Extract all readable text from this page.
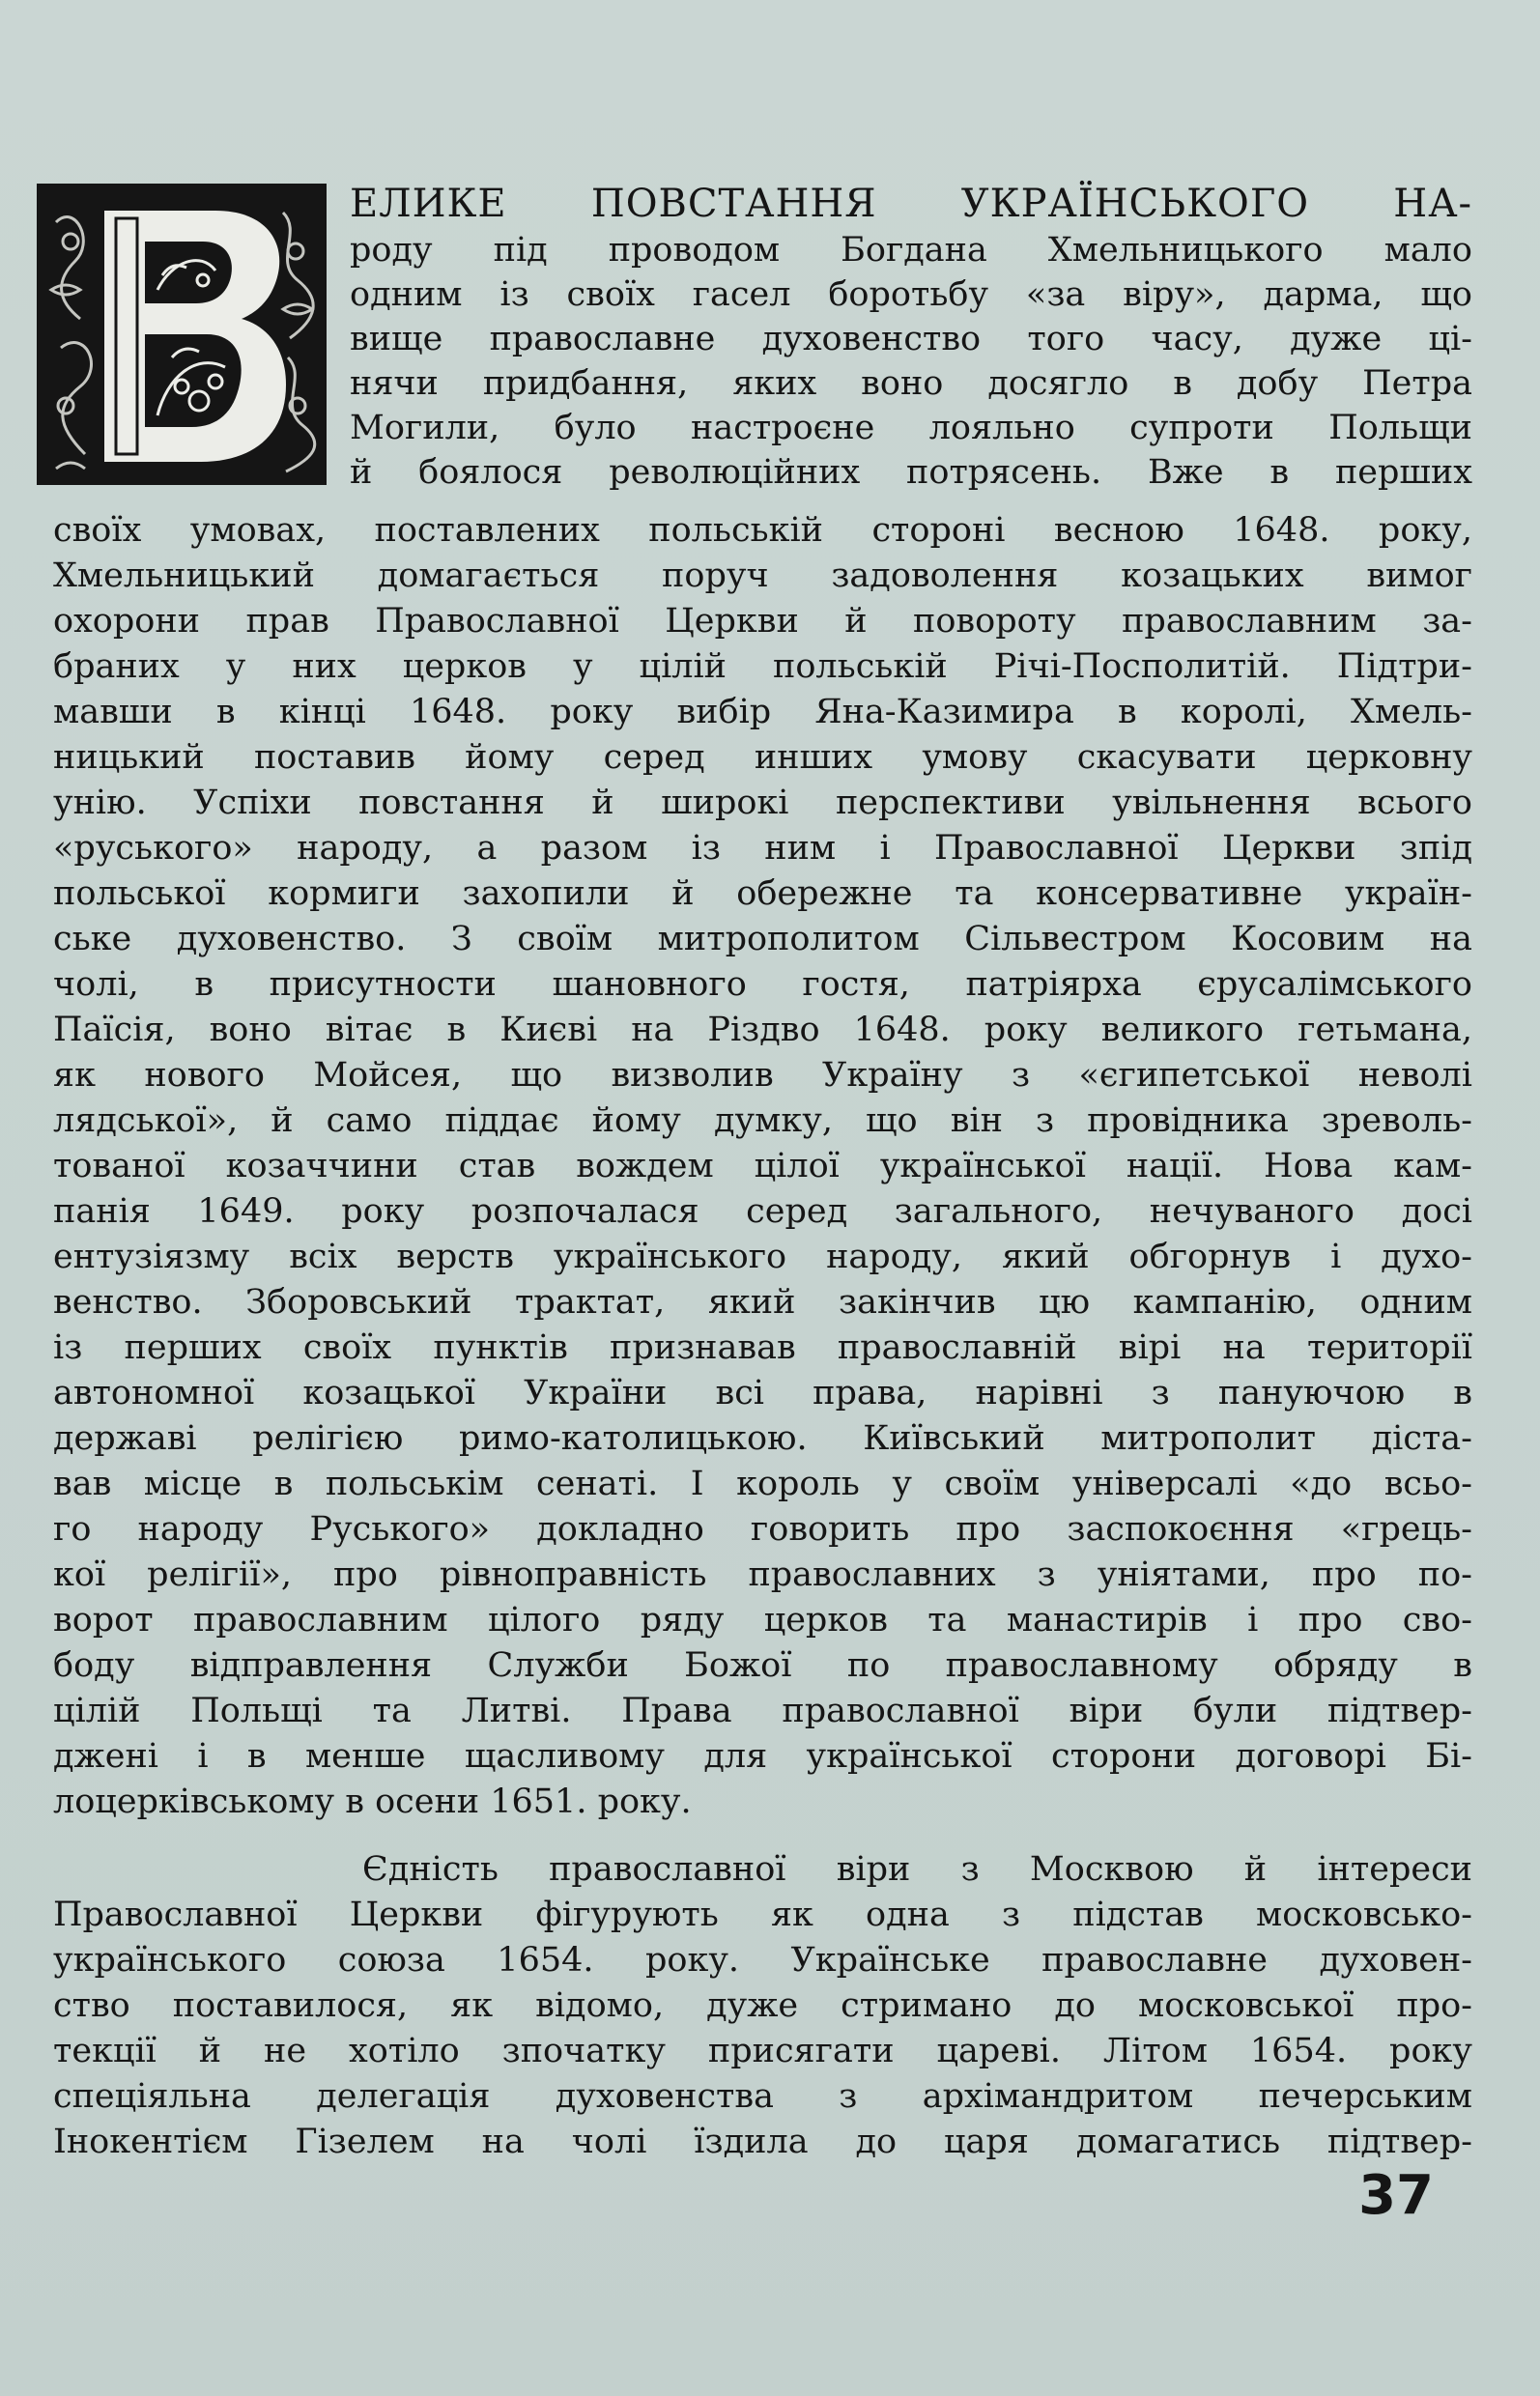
ЕЛИКЕ ПОВСТАННЯ УКРАЇНСЬКОГО НА-
роду під проводом Богдана Хмельницького мало
одним із своїх гасел боротьбу «за віру», дарма, що
вище православне духовенство того часу, дуже ці-
нячи придбання, яких воно досягло в добу Петра
Могили, було настроєне лояльно супроти Польщи
й боялося революційних потрясень. Вже в перших
своїх умовах, поставлених польській стороні весною 1648. року,
Хмельницький домагається поруч задоволення козацьких вимог
охорони прав Православної Церкви й повороту православним за-
браних у них церков у цілій польській Річі-Посполитій. Підтри-
мавши в кінці 1648. року вибір Яна-Казимира в королі, Хмель-
ницький поставив йому серед инших умову скасувати церковну
унію. Успіхи повстання й широкі перспективи увільнення всього
«руського» народу, а разом із ним і Православної Церкви зпід
польської кормиги захопили й обережне та консервативне україн-
ське духовенство. З своїм митрополитом Сільвестром Косовим на
чолі, в присутности шановного гостя, патріярха єрусалімського
Паїсія, воно вітає в Києві на Різдво 1648. року великого гетьмана,
як нового Мойсея, що визволив Україну з «єгипетської неволі
лядської», й само піддає йому думку, що він з провідника зреволь-
тованої козаччини став вождем цілої української нації. Нова кам-
панія 1649. року розпочалася серед загального, нечуваного досі
ентузіязму всіх верств українського народу, який обгорнув і духо-
венство. Зборовський трактат, який закінчив цю кампанію, одним
із перших своїх пунктів признавав православній вірі на території
автономної козацької України всі права, нарівні з пануючою в
державі релігією римо-католицькою. Київський митрополит діста-
вав місце в польськім сенаті. І король у своїм універсалі «до всьо-
го народу Руського» докладно говорить про заспокоєння «грець-
кої релігії», про рівноправність православних з уніятами, про по-
ворот православним цілого ряду церков та манастирів і про сво-
боду відправлення Служби Божої по православному обряду в
цілій Польщі та Литві. Права православної віри були підтвер-
джені і в менше щасливому для української сторони договорі Бі-
лоцерківському в осени 1651. року.
Єдність православної віри з Москвою й інтереси
Православної Церкви фігурують як одна з підстав московсько-
українського союза 1654. року. Українське православне духовен-
ство поставилося, як відомо, дуже стримано до московської про-
текції й не хотіло зпочатку присягати цареві. Літом 1654. року
спеціяльна делегація духовенства з архімандритом печерським
Інокентієм Гізелем на чолі їздила до царя домагатись підтвер-
37
